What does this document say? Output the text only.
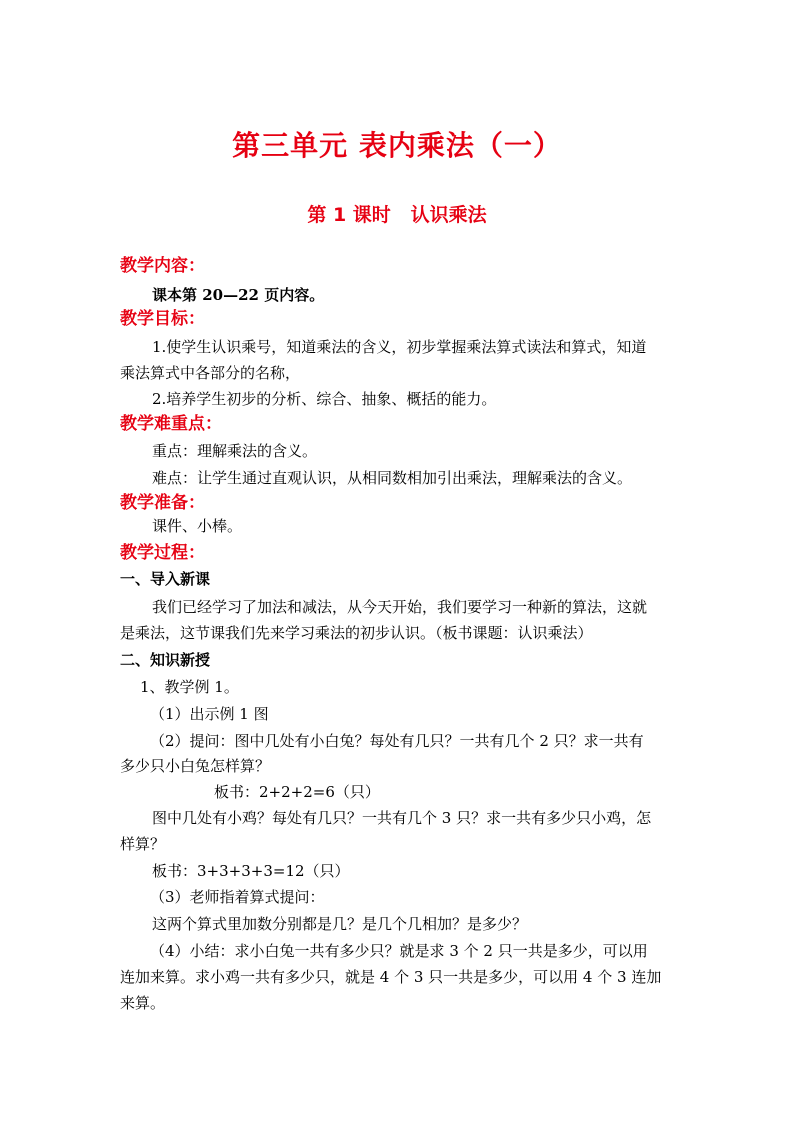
第三单元 表内乘法（一）
第 1 课时   认识乘法

教学内容：

课本第 20—22 页内容。

教学目标：

1.使学生认识乘号，知道乘法的含义，初步掌握乘法算式读法和算式，知道

乘法算式中各部分的名称，

2.培养学生初步的分析、综合、抽象、概括的能力。

教学难重点：

重点：理解乘法的含义。

难点：让学生通过直观认识，从相同数相加引出乘法，理解乘法的含义。

教学准备：

课件、小棒。

教学过程：

一、导入新课

我们已经学习了加法和减法，从今天开始，我们要学习一种新的算法，这就

是乘法，这节课我们先来学习乘法的初步认识。（板书课题：认识乘法）

二、知识新授

1、教学例 1。

（1）出示例 1 图

（2）提问：图中几处有小白兔？每处有几只？一共有几个 2 只？求一共有

多少只小白兔怎样算？

板书：2+2+2=6（只）

图中几处有小鸡？每处有几只？一共有几个 3 只？求一共有多少只小鸡，怎

样算？

板书：3+3+3+3=12（只）

（3）老师指着算式提问：

这两个算式里加数分别都是几？是几个几相加？是多少？

（4）小结：求小白兔一共有多少只？就是求 3 个 2 只一共是多少，可以用

连加来算。求小鸡一共有多少只，就是 4 个 3 只一共是多少，可以用 4 个 3 连加

来算。
